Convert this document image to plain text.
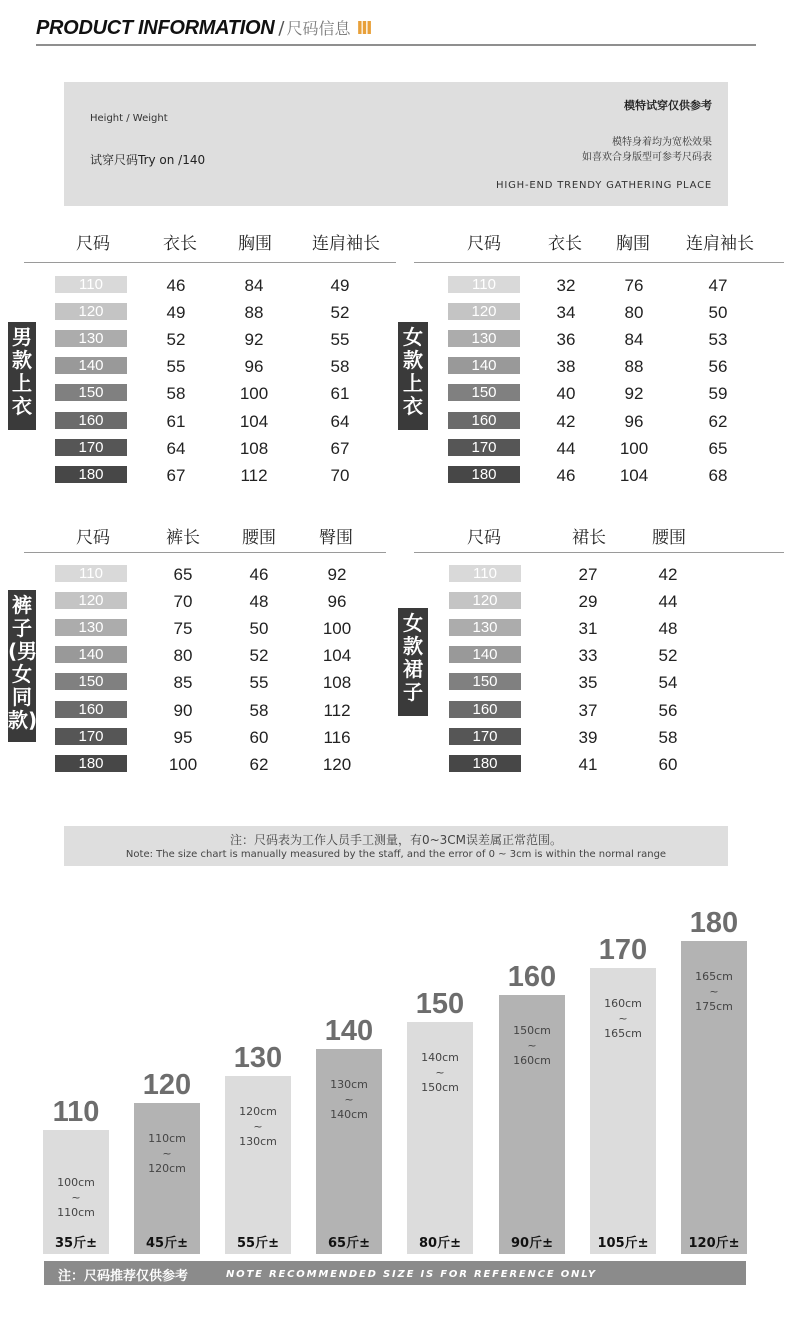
PRODUCT INFORMATION / 尺码信息 III
Height / Weight
试穿尺码Try on /140
模特试穿仅供参考
模特身着均为宽松效果
如喜欢合身版型可参考尺码表
HIGH-END TRENDY GATHERING PLACE
尺码	衣长 胸围 连肩袖长
110	46	84	49
120	49	88	52
130	52	92	55
140	55	96	58
150	58	100	61
160	61	104	64
170	64	108	67
180	67	112	70
男款上衣
尺码	衣长 胸围 连肩袖长
110	32	76	47
120	34	80	50
130	36	84	53
140	38	88	56
150	40	92	59
160	42	96	62
170	44	100	65
180	46	104	68
女款上衣
尺码	裤长 腰围	臀围
110	65	46	92
120	70	48	96
130	75	50	100
140	80	52	104
150	85	55	108
160	90	58	112
170	95	60	116
180	100	62	120
裤子(男女同款)
尺码	裙长	腰围
110	27	42
120	29	44
130	31	48
140	33	52
150	35	54
160	37	56
170	39	58
180	41	60
女款裙子
注：尺码表为工作人员手工测量，有0~3CM误差属正常范围。
Note: The size chart is manually measured by the staff, and the error of 0 ~ 3cm is within the normal range
110
100cm
~
110cm
35斤±
120
110cm
~
120cm
45斤±
130
120cm
~
130cm
55斤±
140
130cm
~
140cm
65斤±
150
140cm
~
150cm
80斤±
160
150cm
~
160cm
90斤±
170
160cm
~
165cm
105斤±
180
165cm
~
175cm
120斤±
注：尺码推荐仅供参考	NOTE RECOMMENDED SIZE IS FOR REFERENCE ONLY
